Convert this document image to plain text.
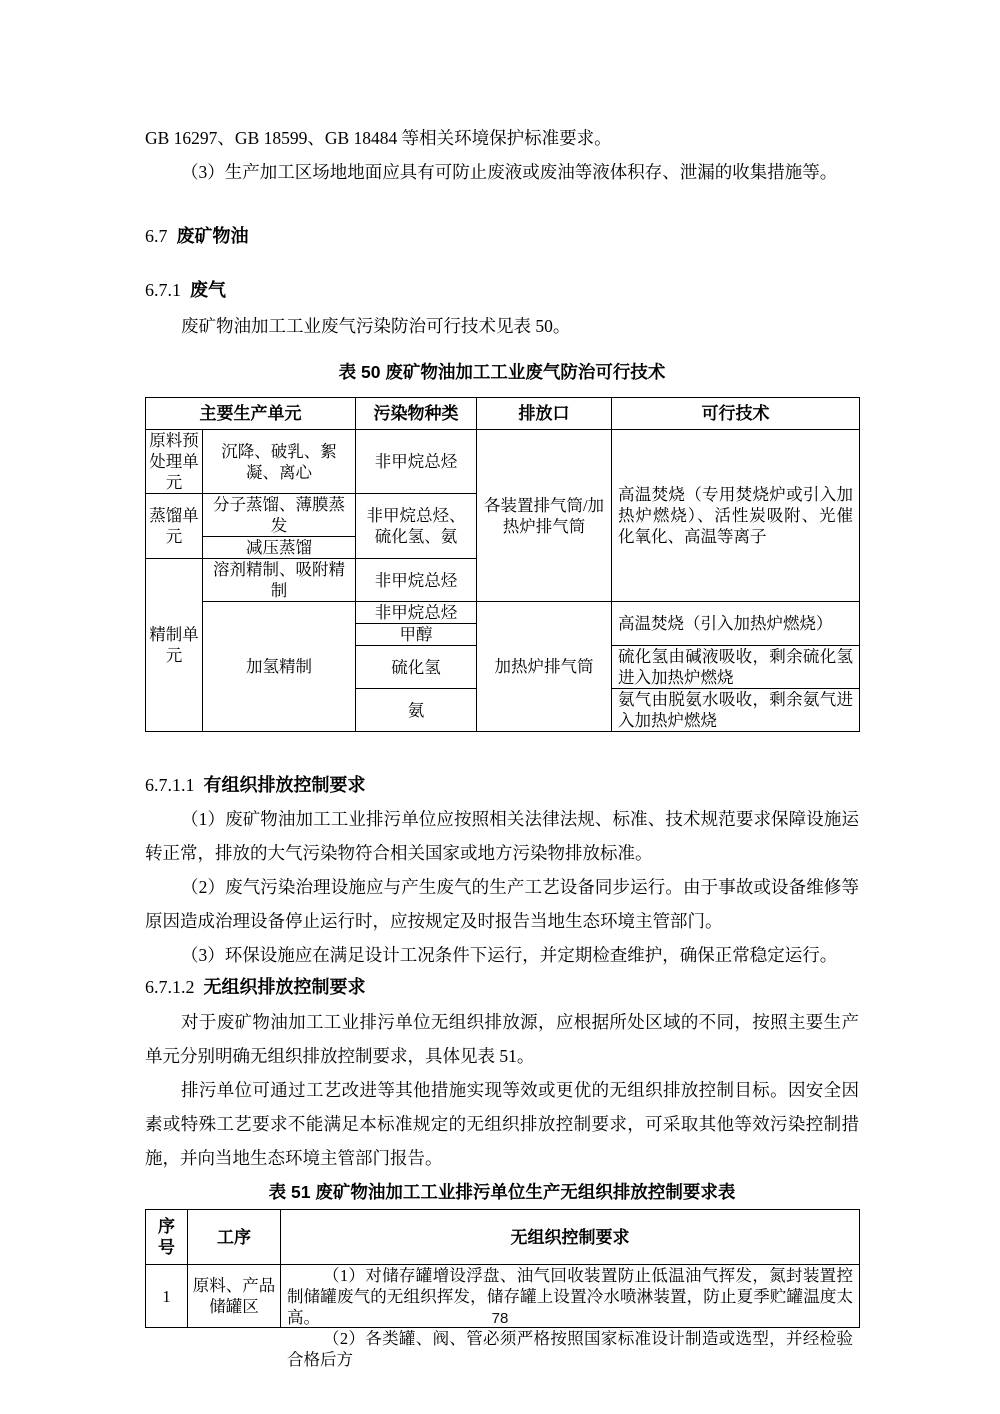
GB 16297、GB 18599、GB 18484 等相关环境保护标准要求。

（3）生产加工区场地地面应具有可防止废液或废油等液体积存、泄漏的收集措施等。

6.7 废矿物油
6.7.1 废气

废矿物油加工工业废气污染防治可行技术见表 50。

表 50 废矿物油加工工业废气防治可行技术
主要生产单元		污染物种类	排放口	可行技术
原料预处理单元	沉降、破乳、絮凝、离心	非甲烷总烃	各装置排气筒/加热炉排气筒	高温焚烧（专用焚烧炉或引入加热炉燃烧）、活性炭吸附、光催化氧化、高温等离子
蒸馏单元	分子蒸馏、薄膜蒸发	非甲烷总烃、硫化氢、氨		
	减压蒸馏			
精制单元	溶剂精制、吸附精制	非甲烷总烃		
	加氢精制	非甲烷总烃	加热炉排气筒	高温焚烧（引入加热炉燃烧）
		甲醇		
		硫化氢		硫化氢由碱液吸收，剩余硫化氢进入加热炉燃烧
		氨		氨气由脱氨水吸收，剩余氨气进入加热炉燃烧
6.7.1.1 有组织排放控制要求

（1）废矿物油加工工业排污单位应按照相关法律法规、标准、技术规范要求保障设施运转正常，排放的大气污染物符合相关国家或地方污染物排放标准。

（2）废气污染治理设施应与产生废气的生产工艺设备同步运行。由于事故或设备维修等原因造成治理设备停止运行时，应按规定及时报告当地生态环境主管部门。

（3）环保设施应在满足设计工况条件下运行，并定期检查维护，确保正常稳定运行。

6.7.1.2 无组织排放控制要求

对于废矿物油加工工业排污单位无组织排放源，应根据所处区域的不同，按照主要生产单元分别明确无组织排放控制要求，具体见表 51。

排污单位可通过工艺改进等其他措施实现等效或更优的无组织排放控制目标。因安全因素或特殊工艺要求不能满足本标准规定的无组织排放控制要求，可采取其他等效污染控制措施，并向当地生态环境主管部门报告。

表 51 废矿物油加工工业排污单位生产无组织排放控制要求表
序号	工序	无组织控制要求
1	原料、产品储罐区	（1）对储存罐增设浮盘、油气回收装置防止低温油气挥发，氮封装置控制储罐废气的无组织挥发，储存罐上设置冷水喷淋装置，防止夏季贮罐温度太高。

（2）各类罐、阀、管必须严格按照国家标准设计制造或选型，并经检验合格后方

78
